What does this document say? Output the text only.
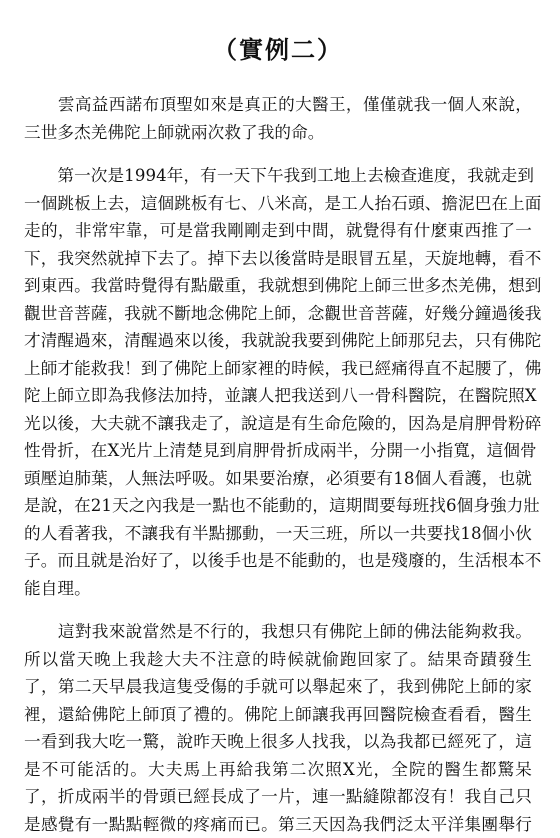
（實例二）

　　雲高益西諾布頂聖如來是真正的大醫王，僅僅就我一個人來說，
三世多杰羌佛陀上師就兩次救了我的命。

　　第一次是1994年，有一天下午我到工地上去檢查進度，我就走到
一個跳板上去，這個跳板有七、八米高，是工人抬石頭、擔泥巴在上面
走的，非常牢靠，可是當我剛剛走到中間，就覺得有什麼東西推了一
下，我突然就掉下去了。掉下去以後當時是眼冒五星，天旋地轉，看不
到東西。我當時覺得有點嚴重，我就想到佛陀上師三世多杰羌佛，想到
觀世音菩薩，我就不斷地念佛陀上師，念觀世音菩薩，好幾分鐘過後我
才清醒過來，清醒過來以後，我就說我要到佛陀上師那兒去，只有佛陀
上師才能救我！到了佛陀上師家裡的時候，我已經痛得直不起腰了，佛
陀上師立即為我修法加持，並讓人把我送到八一骨科醫院，在醫院照X
光以後，大夫就不讓我走了，說這是有生命危險的，因為是肩胛骨粉碎
性骨折，在X光片上清楚見到肩胛骨折成兩半，分開一小指寬，這個骨
頭壓迫肺葉，人無法呼吸。如果要治療，必須要有18個人看護，也就
是說，在21天之內我是一點也不能動的，這期間要每班找6個身強力壯
的人看著我，不讓我有半點挪動，一天三班，所以一共要找18個小伙
子。而且就是治好了，以後手也是不能動的，也是殘廢的，生活根本不
能自理。

　　這對我來說當然是不行的，我想只有佛陀上師的佛法能夠救我。
所以當天晚上我趁大夫不注意的時候就偷跑回家了。結果奇蹟發生
了，第二天早晨我這隻受傷的手就可以舉起來了，我到佛陀上師的家
裡，還給佛陀上師頂了禮的。佛陀上師讓我再回醫院檢查看看，醫生
一看到我大吃一驚，說昨天晚上很多人找我，以為我都已經死了，這
是不可能活的。大夫馬上再給我第二次照X光，全院的醫生都驚呆
了，折成兩半的骨頭已經長成了一片，連一點縫隙都沒有！我自己只
是感覺有一點點輕微的疼痛而已。第三天因為我們泛太平洋集團舉行
